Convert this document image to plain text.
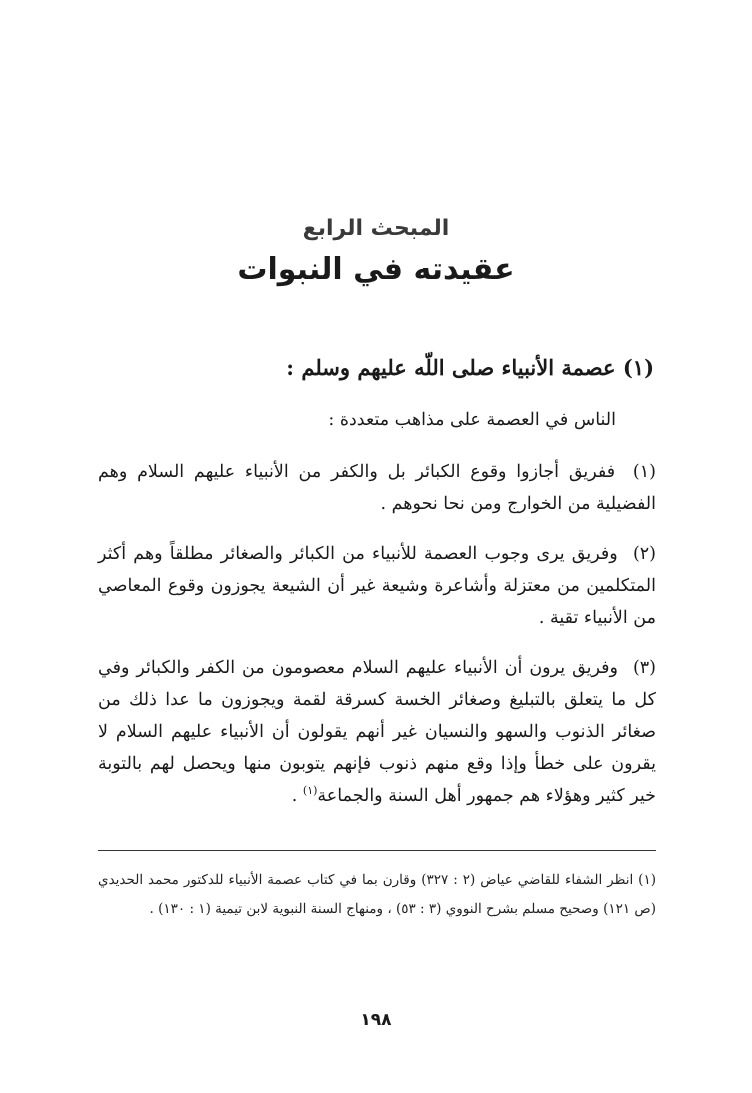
المبحث الرابع
عقيدته في النبوات
(١) عصمة الأنبياء صلى اللّه عليهم وسلم :
الناس في العصمة على مذاهب متعددة :
(١) ففريق أجازوا وقوع الكبائر بل والكفر من الأنبياء عليهم السلام وهم الفضيلية من الخوارج ومن نحا نحوهم .
(٢) وفريق يرى وجوب العصمة للأنبياء من الكبائر والصغائر مطلقاً وهم أكثر المتكلمين من معتزلة وأشاعرة وشيعة غير أن الشيعة يجوزون وقوع المعاصي من الأنبياء تقية .
(٣) وفريق يرون أن الأنبياء عليهم السلام معصومون من الكفر والكبائر وفي كل ما يتعلق بالتبليغ وصغائر الخسة كسرقة لقمة ويجوزون ما عدا ذلك من صغائر الذنوب والسهو والنسيان غير أنهم يقولون أن الأنبياء عليهم السلام لا يقرون على خطأ وإذا وقع منهم ذنوب فإنهم يتوبون منها ويحصل لهم بالتوبة خير كثير وهؤلاء هم جمهور أهل السنة والجماعة$^{(١)}$ .
(١) انظر الشفاء للقاضي عياض (٢ : ٣٢٧) وقارن بما في كتاب عصمة الأنبياء للدكتور محمد الحديدي (ص ١٢١) وصحيح مسلم بشرح النووي (٣ : ٥٣) ، ومنهاج السنة النبوية لابن تيمية (١ : ١٣٠) .
١٩٨
